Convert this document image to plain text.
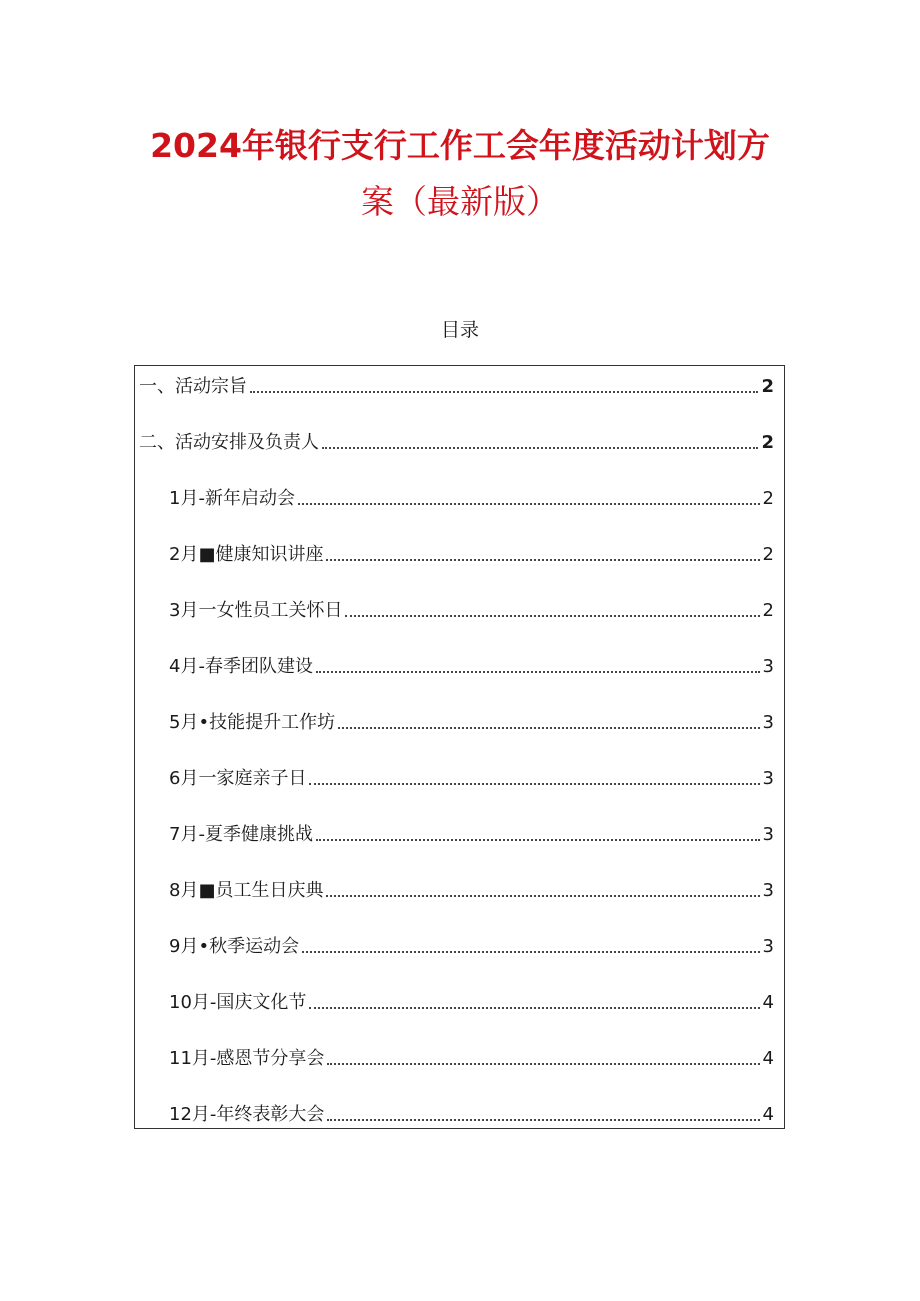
2024年银行支行工作工会年度活动计划方
案（最新版）
目录
一、活动宗旨	2
二、活动安排及负责人	2
1月-新年启动会	2
2月■健康知识讲座	2
3月一女性员工关怀日	2
4月-春季团队建设	3
5月•技能提升工作坊	3
6月一家庭亲子日	3
7月-夏季健康挑战	3
8月■员工生日庆典	3
9月•秋季运动会	3
10月-国庆文化节	4
11月-感恩节分享会	4
12月-年终表彰大会	4
